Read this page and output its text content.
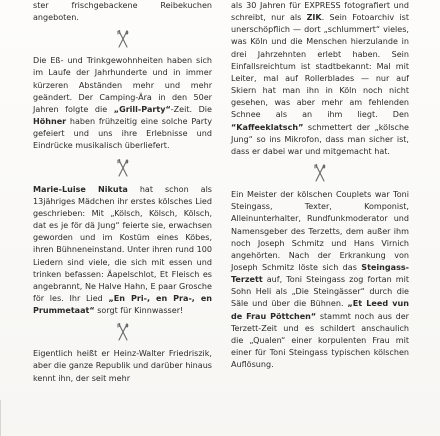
ster frischgebackene Reibekuchen angeboten.

Die Eß- und Trinkgewohnheiten haben sich im Laufe der Jahrhunderte und in immer kürzeren Abständen mehr und mehr geändert. Der Camping-Ära in den 50er Jahren folgte die „Grill-Party“-Zeit. Die Höhner haben frühzeitig eine solche Party gefeiert und uns ihre Erlebnisse und Eindrücke musikalisch überliefert.

Marie-Luise Nikuta hat schon als 13jähriges Mädchen ihr erstes kölsches Lied geschrieben: Mit „Kölsch, Kölsch, Kölsch, dat es je för dä Jung“ feierte sie, erwachsen geworden und im Kostüm eines Köbes, ihren Bühneneinstand. Unter ihren rund 100 Liedern sind viele, die sich mit essen und trinken befassen: Äapelschlot, Et Fleisch es angebrannt, Ne Halve Hahn, E paar Grosche för les. Ihr Lied „En Pri-, en Pra-, en Prummetaat“ sorgt für Kinnwasser!

Eigentlich heißt er Heinz-Walter Friedriszik, aber die ganze Republik und darüber hinaus kennt ihn, der seit mehr

als 30 Jahren für EXPRESS fotografiert und schreibt, nur als ZIK. Sein Fotoarchiv ist unerschöpflich — dort „schlummert“ vieles, was Köln und die Menschen hierzulande in drei Jahrzehnten erlebt haben. Sein Einfallsreichtum ist stadtbekannt: Mal mit Leiter, mal auf Rollerblades — nur auf Skiern hat man ihn in Köln noch nicht gesehen, was aber mehr am fehlenden Schnee als an ihm liegt. Den “Kaffeeklatsch” schmettert der „kölsche Jung“ so ins Mikrofon, dass man sicher ist, dass er dabei war und mitgemacht hat.

Ein Meister der kölschen Couplets war Toni Steingass, Texter, Komponist, Alleinunterhalter, Rundfunkmoderator und Namensgeber des Terzetts, dem außer ihm noch Joseph Schmitz und Hans Virnich angehörten. Nach der Erkrankung von Joseph Schmitz löste sich das Steingass-Terzett auf, Toni Steingass zog fortan mit Sohn Heli als „Die Steingässer“ durch die Säle und über die Bühnen. „Et Leed vun de Frau Pöttchen“ stammt noch aus der Terzett-Zeit und es schildert anschaulich die „Qualen“ einer korpulenten Frau mit einer für Toni Steingass typischen kölschen Auflösung.
